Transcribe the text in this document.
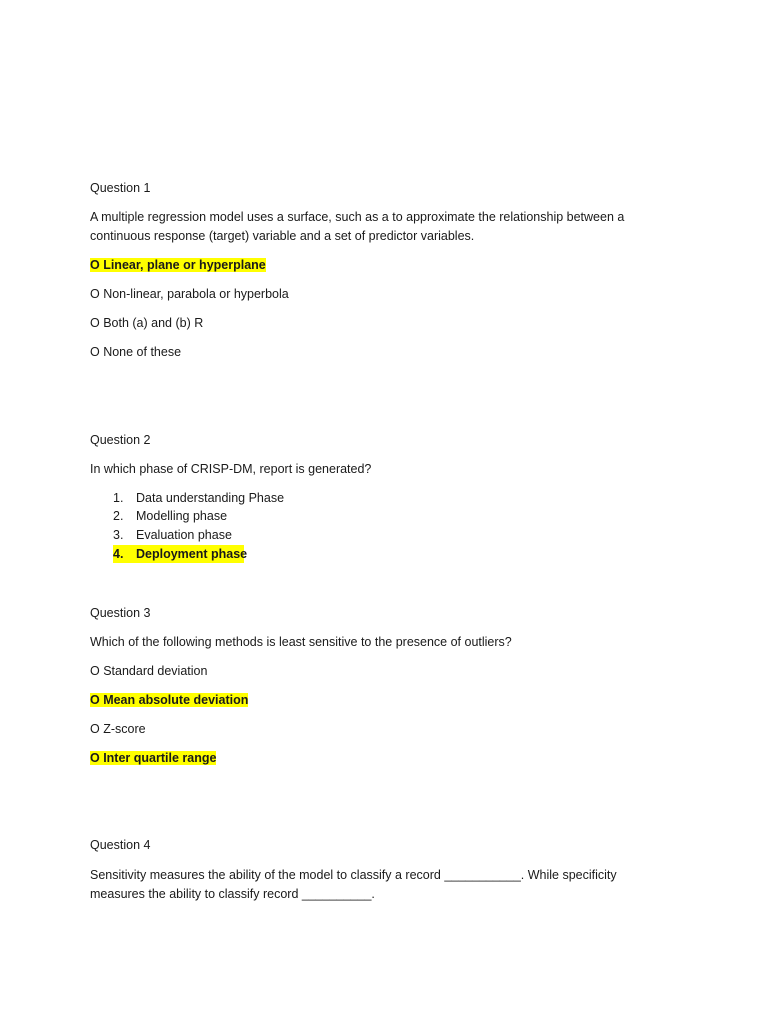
Question 1
A multiple regression model uses a surface, such as a to approximate the relationship between a
continuous response (target) variable and a set of predictor variables.
O Linear, plane or hyperplane
O Non-linear, parabola or hyperbola
O Both (a) and (b) R
O None of these
Question 2
In which phase of CRISP-DM, report is generated?
1.	Data understanding Phase
2.	Modelling phase
3.	Evaluation phase
4.	Deployment phase
Question 3
Which of the following methods is least sensitive to the presence of outliers?
O Standard deviation
O Mean absolute deviation
O Z-score
O Inter quartile range
Question 4
Sensitivity measures the ability of the model to classify a record ___________. While specificity
measures the ability to classify record __________.
